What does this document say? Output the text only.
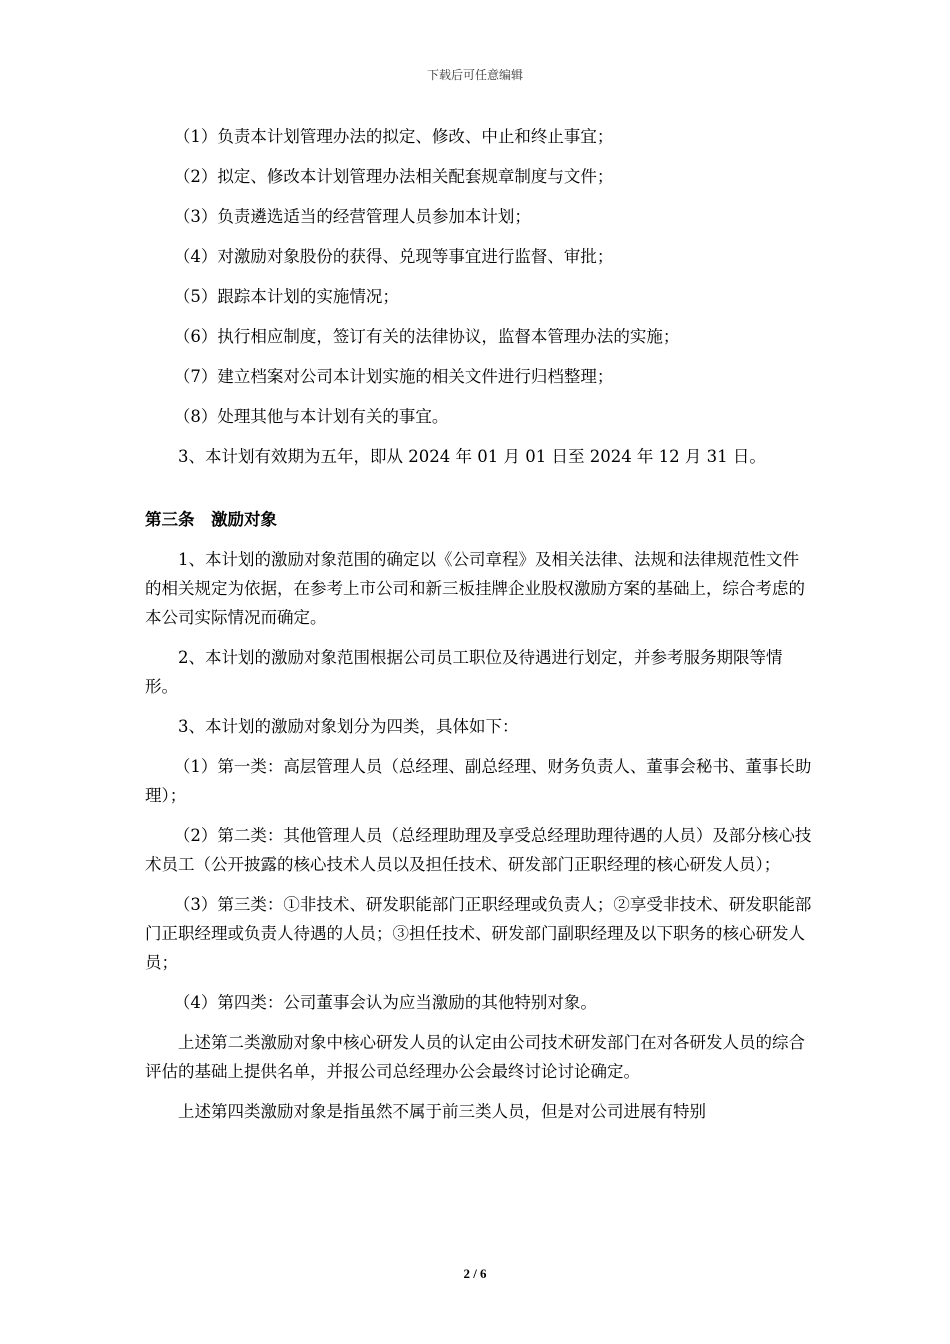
下载后可任意编辑

（1）负责本计划管理办法的拟定、修改、中止和终止事宜；

（2）拟定、修改本计划管理办法相关配套规章制度与文件；

（3）负责遴选适当的经营管理人员参加本计划；

（4）对激励对象股份的获得、兑现等事宜进行监督、审批；

（5）跟踪本计划的实施情况；

（6）执行相应制度，签订有关的法律协议，监督本管理办法的实施；

（7）建立档案对公司本计划实施的相关文件进行归档整理；

（8）处理其他与本计划有关的事宜。

3、本计划有效期为五年，即从 2024 年 01 月 01 日至 2024 年 12 月 31 日。

第三条　激励对象

1、本计划的激励对象范围的确定以《公司章程》及相关法律、法规和法律规范性文件的相关规定为依据，在参考上市公司和新三板挂牌企业股权激励方案的基础上，综合考虑的本公司实际情况而确定。

2、本计划的激励对象范围根据公司员工职位及待遇进行划定，并参考服务期限等情形。

3、本计划的激励对象划分为四类，具体如下：

（1）第一类：高层管理人员（总经理、副总经理、财务负责人、董事会秘书、董事长助理）；

（2）第二类：其他管理人员（总经理助理及享受总经理助理待遇的人员）及部分核心技术员工（公开披露的核心技术人员以及担任技术、研发部门正职经理的核心研发人员）；

（3）第三类：①非技术、研发职能部门正职经理或负责人；②享受非技术、研发职能部门正职经理或负责人待遇的人员；③担任技术、研发部门副职经理及以下职务的核心研发人员；

（4）第四类：公司董事会认为应当激励的其他特别对象。

上述第二类激励对象中核心研发人员的认定由公司技术研发部门在对各研发人员的综合评估的基础上提供名单，并报公司总经理办公会最终讨论讨论确定。

上述第四类激励对象是指虽然不属于前三类人员，但是对公司进展有特别

2 / 6
